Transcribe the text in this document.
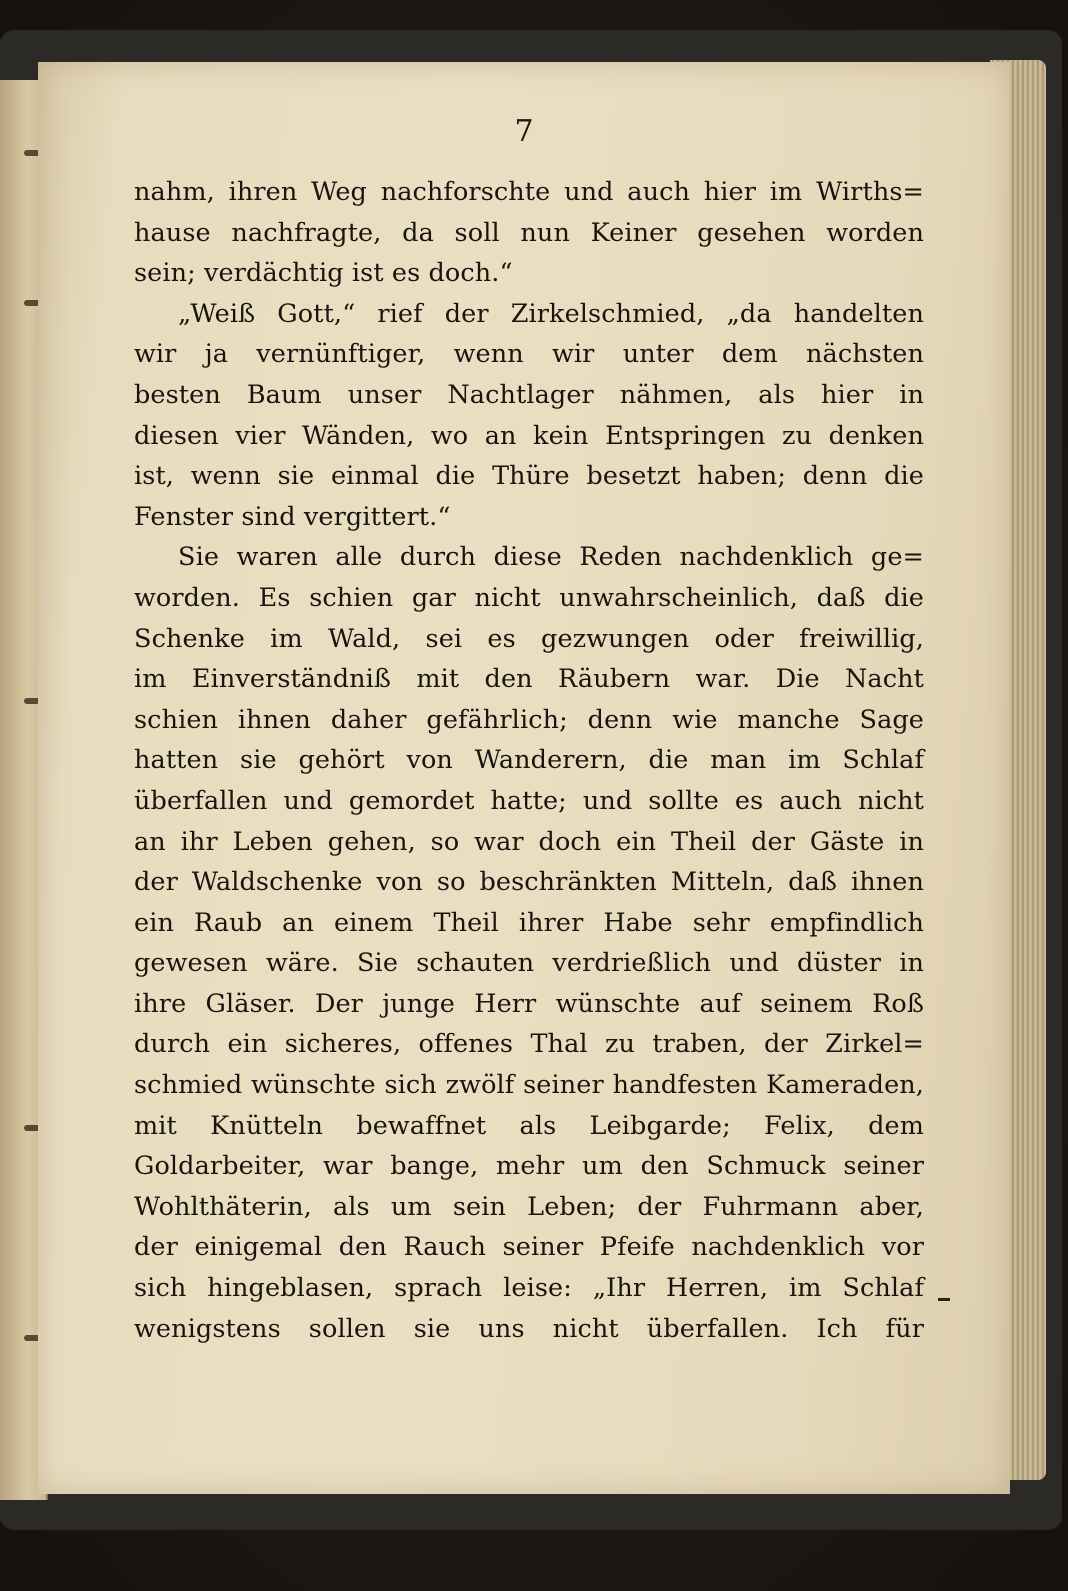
7
nahm, ihren Weg nachforschte und auch hier im Wirths=
hause nachfragte, da soll nun Keiner gesehen worden
sein; verdächtig ist es doch.“
„Weiß Gott,“ rief der Zirkelschmied, „da handelten
wir ja vernünftiger, wenn wir unter dem nächsten
besten Baum unser Nachtlager nähmen, als hier in
diesen vier Wänden, wo an kein Entspringen zu denken
ist, wenn sie einmal die Thüre besetzt haben; denn die
Fenster sind vergittert.“
Sie waren alle durch diese Reden nachdenklich ge=
worden. Es schien gar nicht unwahrscheinlich, daß die
Schenke im Wald, sei es gezwungen oder freiwillig,
im Einverständniß mit den Räubern war. Die Nacht
schien ihnen daher gefährlich; denn wie manche Sage
hatten sie gehört von Wanderern, die man im Schlaf
überfallen und gemordet hatte; und sollte es auch nicht
an ihr Leben gehen, so war doch ein Theil der Gäste in
der Waldschenke von so beschränkten Mitteln, daß ihnen
ein Raub an einem Theil ihrer Habe sehr empfindlich
gewesen wäre. Sie schauten verdrießlich und düster in
ihre Gläser. Der junge Herr wünschte auf seinem Roß
durch ein sicheres, offenes Thal zu traben, der Zirkel=
schmied wünschte sich zwölf seiner handfesten Kameraden,
mit Knütteln bewaffnet als Leibgarde; Felix, dem
Goldarbeiter, war bange, mehr um den Schmuck seiner
Wohlthäterin, als um sein Leben; der Fuhrmann aber,
der einigemal den Rauch seiner Pfeife nachdenklich vor
sich hingeblasen, sprach leise: „Ihr Herren, im Schlaf
wenigstens sollen sie uns nicht überfallen. Ich für
